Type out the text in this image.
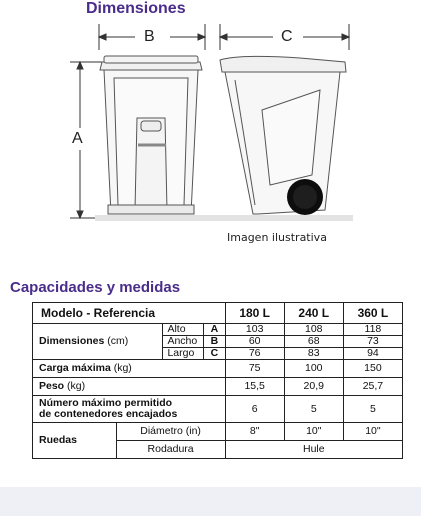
Dimensiones
B	C
A
Imagen ilustrativa
Capacidades y medidas
Modelo - Referencia				180 L	240 L	360 L
Dimensiones (cm)		Alto	A	103	108	118
		Ancho	B	60	68	73
		Largo	C	76	83	94
Carga máxima (kg)				75	100	150
Peso (kg)				15,5	20,9	25,7
Número máximo permitido
de contenedores encajados				6	5	5
Ruedas	Diámetro (in)			8"	10"	10"
	Rodadura			Hule		
